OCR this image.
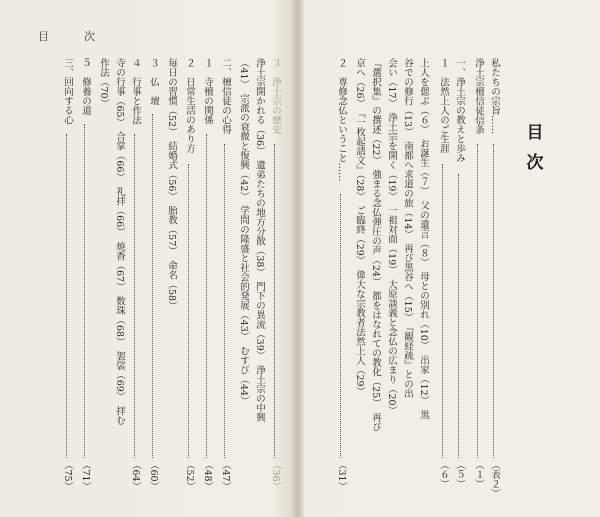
目　次
目
次
私たちの宗旨……
（表２）
浄土宗檀信徒信条
（１）
一、浄土宗の教えと歩み
（５）
１　法然上人のご生涯
（６）
上人を偲ぶ（６）　お誕生（７）　父の遺言（８）　母との別れ（10）　出家（12）　黒
谷での修行（13）　南都へ求道の旅（14）　再び黒谷へ（15）　『観経疏』との出
会い（17）　浄土宗を開く（19）　一祖対面（19）　大原談義と念仏の広まり（20）
『選択集』の撰述（22）　強まる念仏弾圧の声（24）　都をはなれての教化（25）　再び
京へ（26）　『一枚起請文』（28）　ご臨終（29）　偉大な宗教者法然上人（29）
２　専修念仏ということ……
（31）
３　浄土宗の歴史
（36）
浄土宗開かれる（36）　遺弟たちの地方分散（38）　門下の異流（39）　浄土宗の中興
（41）　宗派の衰微と復興（42）　学問の隆盛と社会的発展（43）　むすび（44）
二、檀信徒の心得
（47）
１　寺檀の関係
（48）
２　日常生活のあり方
（52）
毎日の習慣（52）　結婚式（56）　胎教（57）　命名（58）
３　仏　壇
（60）
４　行事と作法
（64）
寺の行事（65）　合掌（66）　礼拝（66）　焼香（67）　数珠（68）　袈裟（69）　拝む
作法（70）
５　修養の道
（71）
三、回向する心
（75）
